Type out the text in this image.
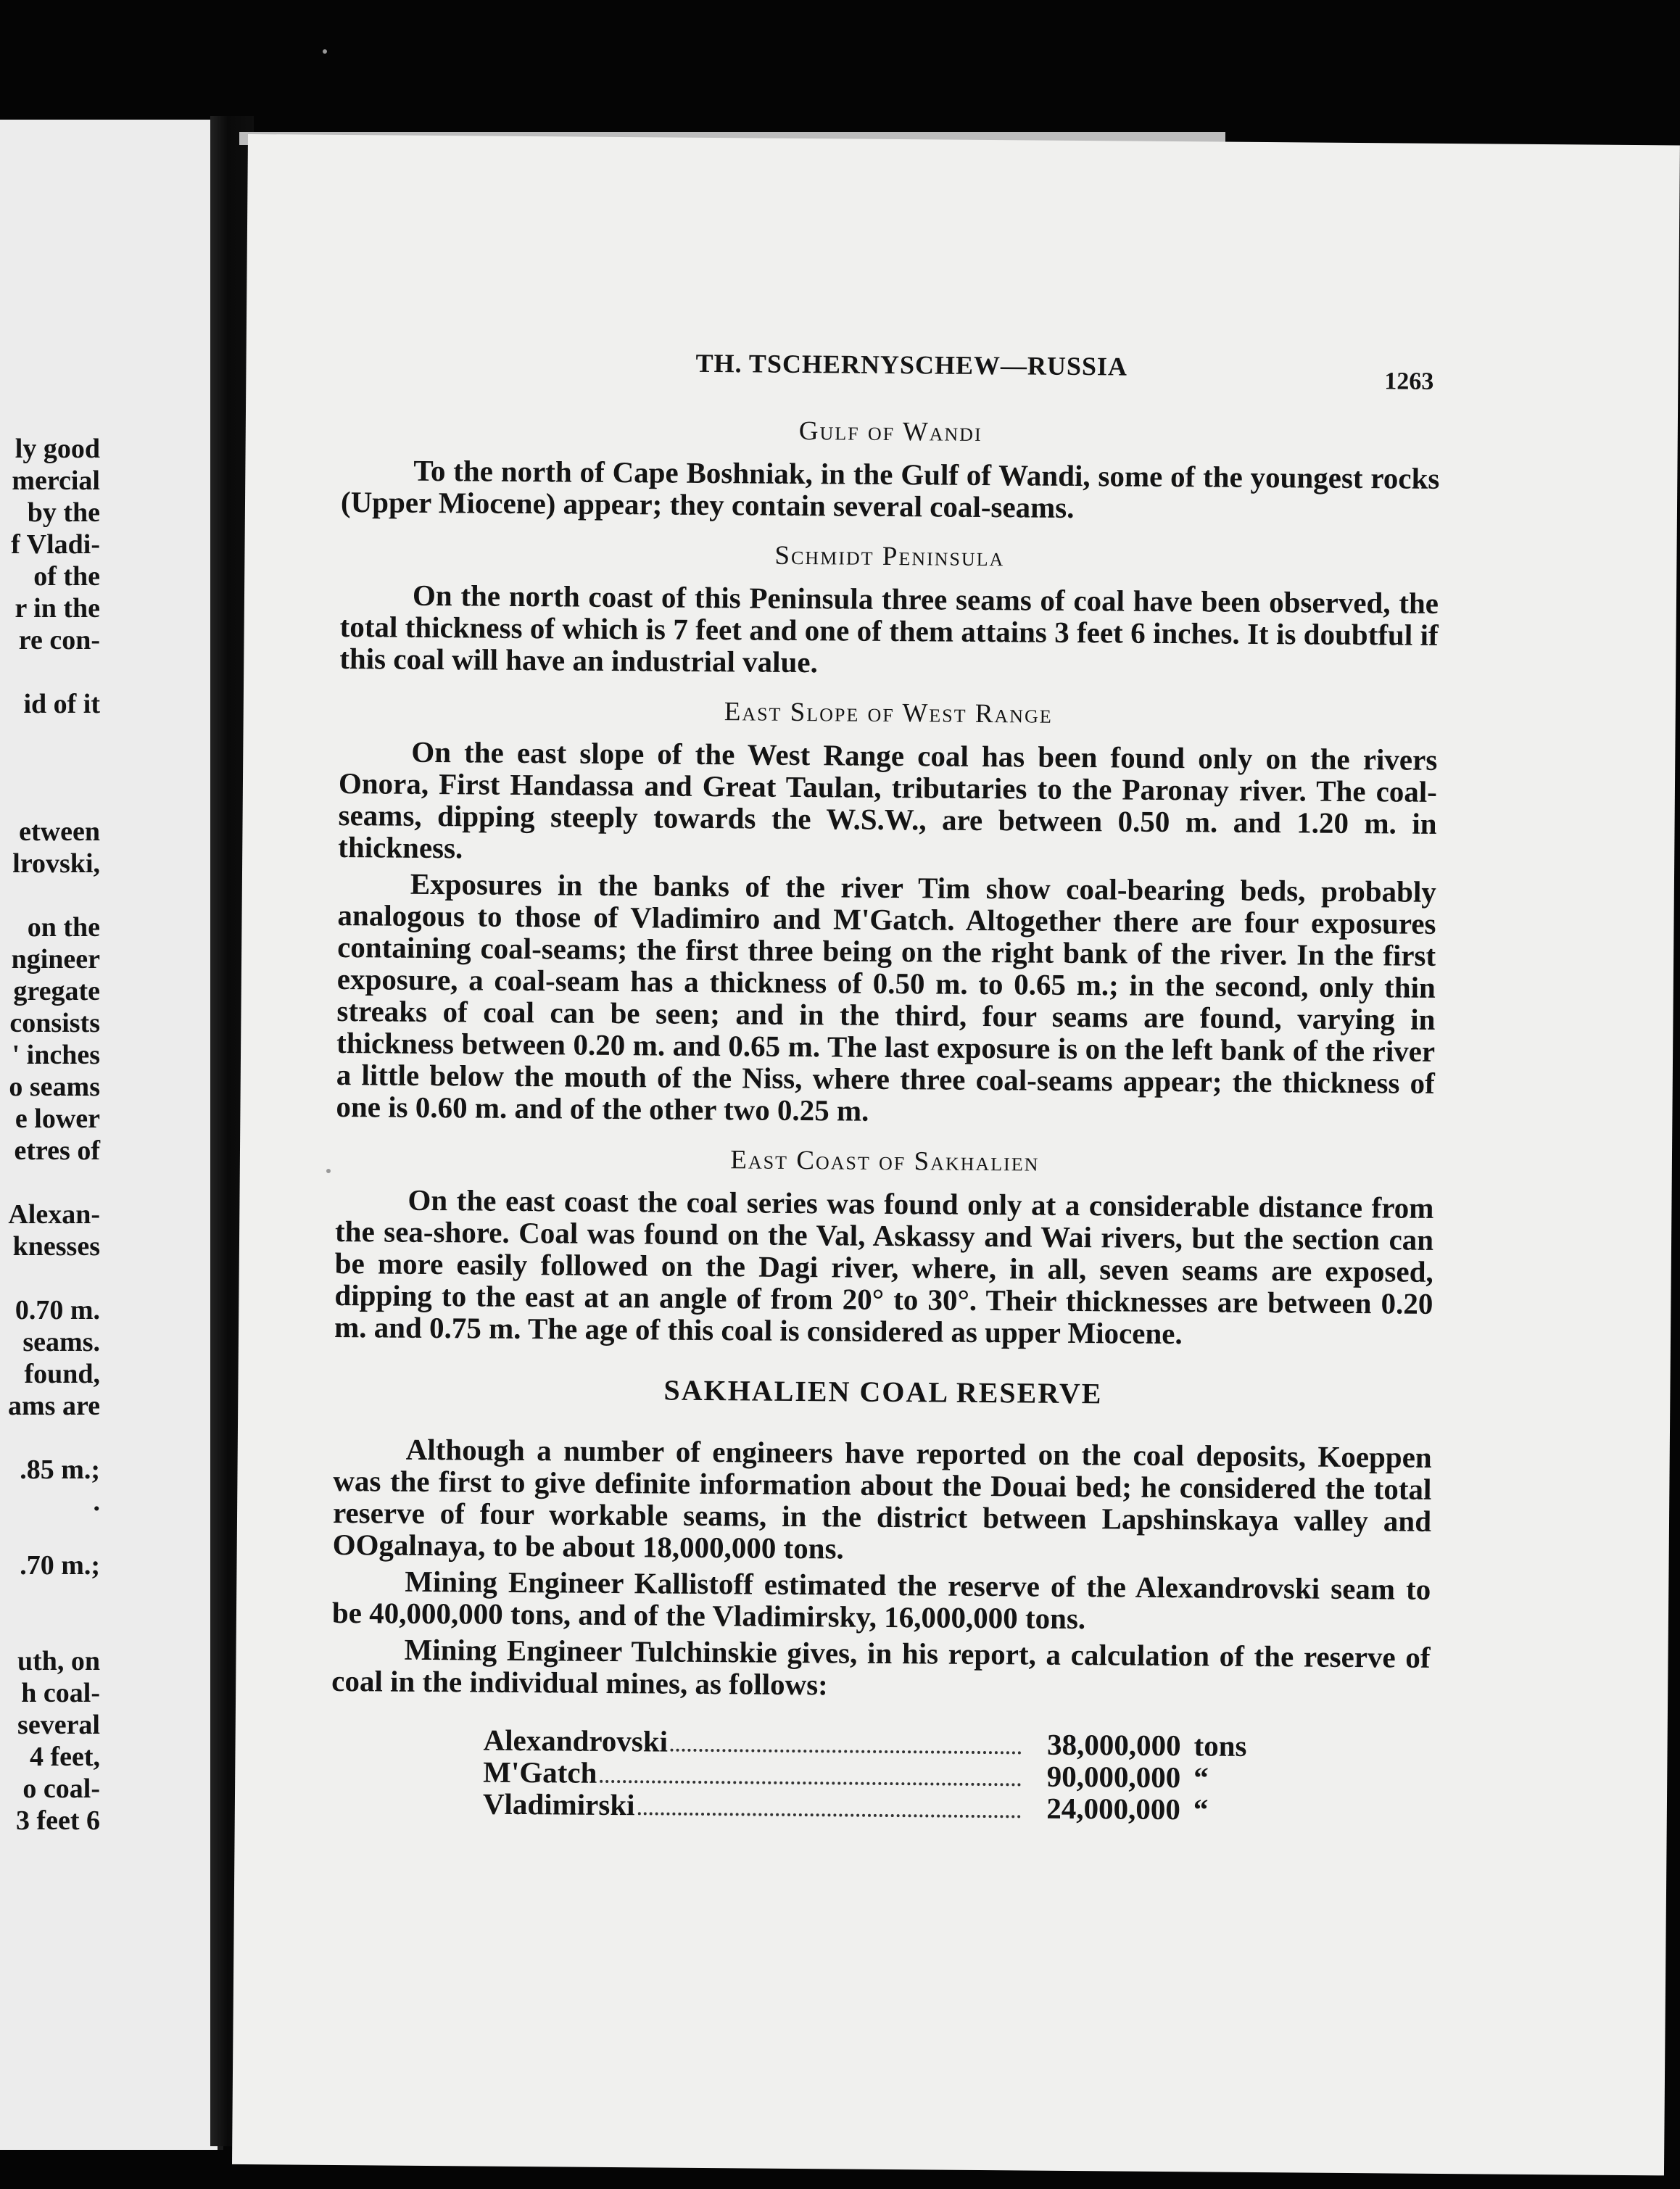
ly good
mercial
by the
f Vladi-
of the
r in the
re con-
id of it
etween
lrovski,
on the
ngineer
gregate
consists
' inches
o seams
e lower
etres of
Alexan-
knesses
0.70 m.
seams.
found,
ams are
.85 m.;
.
.70 m.;
uth, on
h coal-
several
4 feet,
o coal-
3 feet 6
TH. TSCHERNYSCHEW—RUSSIA
1263
Gulf of Wandi

To the north of Cape Boshniak, in the Gulf of Wandi, some of the youngest rocks (Upper Miocene) appear; they contain several coal-seams.

Schmidt Peninsula

On the north coast of this Peninsula three seams of coal have been observed, the total thickness of which is 7 feet and one of them attains 3 feet 6 inches. It is doubtful if this coal will have an industrial value.

East Slope of West Range

On the east slope of the West Range coal has been found only on the rivers Onora, First Handassa and Great Taulan, tributaries to the Paronay river. The coal-seams, dipping steeply towards the W.S.W., are between 0.50 m. and 1.20 m. in thickness.

Exposures in the banks of the river Tim show coal-bearing beds, probably analogous to those of Vladimiro and M'Gatch. Altogether there are four exposures containing coal-seams; the first three being on the right bank of the river. In the first exposure, a coal-seam has a thickness of 0.50 m. to 0.65 m.; in the second, only thin streaks of coal can be seen; and in the third, four seams are found, varying in thickness between 0.20 m. and 0.65 m. The last exposure is on the left bank of the river a little below the mouth of the Niss, where three coal-seams appear; the thickness of one is 0.60 m. and of the other two 0.25 m.

East Coast of Sakhalien

On the east coast the coal series was found only at a considerable distance from the sea-shore. Coal was found on the Val, Askassy and Wai rivers, but the section can be more easily followed on the Dagi river, where, in all, seven seams are exposed, dipping to the east at an angle of from 20° to 30°. Their thicknesses are between 0.20 m. and 0.75 m. The age of this coal is considered as upper Miocene.

SAKHALIEN COAL RESERVE

Although a number of engineers have reported on the coal deposits, Koeppen was the first to give definite information about the Douai bed; he considered the total reserve of four workable seams, in the district between Lapshinskaya valley and OOgalnaya, to be about 18,000,000 tons.

Mining Engineer Kallistoff estimated the reserve of the Alexandrovski seam to be 40,000,000 tons, and of the Vladimirsky, 16,000,000 tons.

Mining Engineer Tulchinskie gives, in his report, a calculation of the reserve of coal in the individual mines, as follows:

Alexandrovski	38,000,000 tons
M'Gatch	90,000,000 “
Vladimirski	24,000,000 “
